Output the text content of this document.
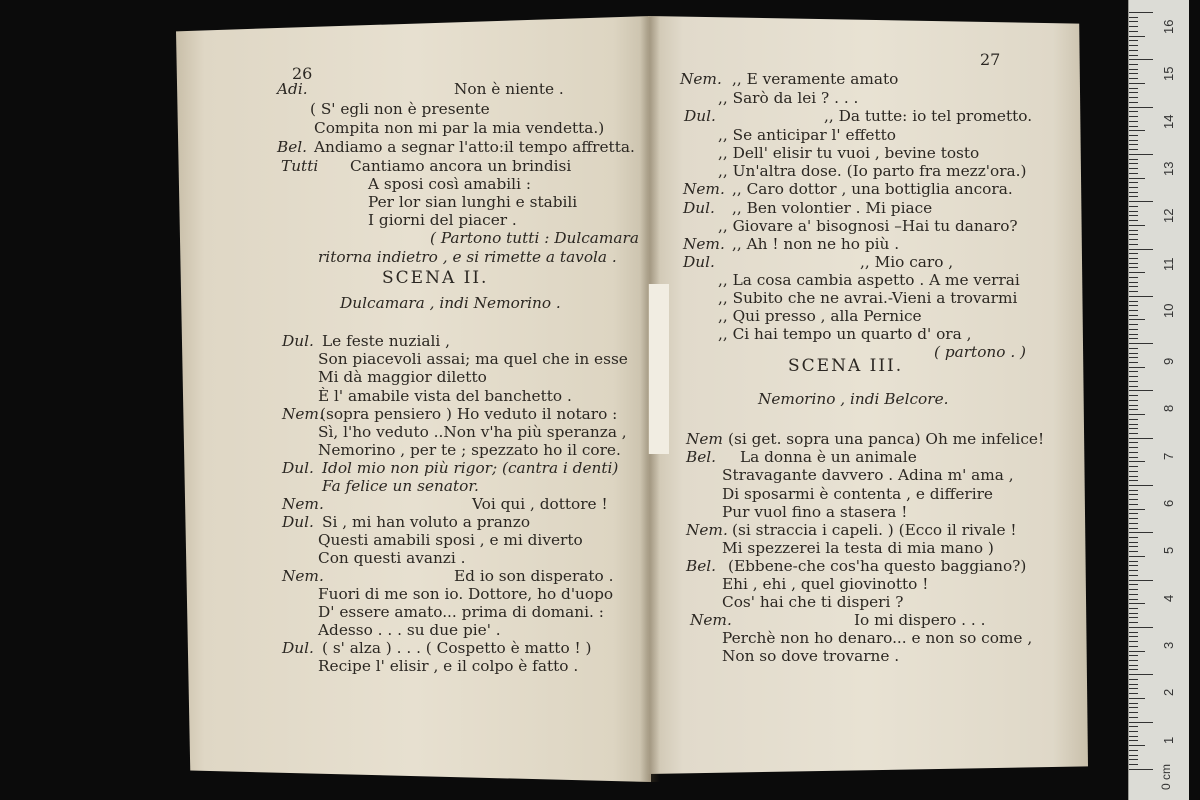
26
Adi.	Non è niente .
( S' egli non è presente
Compita non mi par la mia vendetta.)
Bel. Andiamo a segnar l'atto:il tempo affretta.
Tutti Cantiamo ancora un brindisi
A sposi così amabili :
Per lor sian lunghi e stabili
I giorni del piacer .
( Partono tutti : Dulcamara
ritorna indietro , e si rimette a tavola .
SCENA II.
Dulcamara , indi Nemorino .
Dul. Le feste nuziali ,
Son piacevoli assai; ma quel che in esse
Mi dà maggior diletto
È l' amabile vista del banchetto .
Nem.
(sopra pensiero ) Ho veduto il notaro :
Sì, l'ho veduto ..Non v'ha più speranza ,
Nemorino , per te ; spezzato ho il core.
Dul. Idol mio non più rigor; (cantra i denti)
Fa felice un senator.
Nem.	Voi qui , dottore !
Dul. Si , mi han voluto a pranzo
Questi amabili sposi , e mi diverto
Con questi avanzi .
Nem.	Ed io son disperato .
Fuori di me son io. Dottore, ho d'uopo
D' essere amato... prima di domani. :
Adesso . . . su due pie' .
Dul. ( s' alza ) . . . ( Cospetto è matto ! )
Recipe l' elisir , e il colpo è fatto .
27
Nem. ,, E veramente amato
,, Sarò da lei ? . . .
Dul.	,, Da tutte: io tel prometto.
,, Se anticipar l' effetto
,, Dell' elisir tu vuoi , bevine tosto
,, Un'altra dose. (Io parto fra mezz'ora.)
Nem. ,, Caro dottor , una bottiglia ancora.
Dul. ,, Ben volontier . Mi piace
,, Giovare a' bisognosi –Hai tu danaro?
Nem. ,, Ah ! non ne ho più .
Dul.	,, Mio caro ,
,, La cosa cambia aspetto . A me verrai
,, Subito che ne avrai.-Vieni a trovarmi
,, Qui presso , alla Pernice
,, Ci hai tempo un quarto d' ora ,
( partono . )
SCENA III.
Nemorino , indi Belcore.
Nem (si get. sopra una panca) Oh me infelice!
Bel. La donna è un animale
Stravagante davvero . Adina m' ama ,
Di sposarmi è contenta , e differire
Pur vuol fino a stasera !
Nem. (si straccia i capeli. ) (Ecco il rivale !
Mi spezzerei la testa di mia mano )
Bel. (Ebbene-che cos'ha questo baggiano?)
Ehi , ehi , quel giovinotto !
Cos' hai che ti disperi ?
Nem.	Io mi dispero . . .
Perchè non ho denaro... e non so come ,
Non so dove trovarne .
16
15
14
13
12
11
10
9
8
7
6
5
4
3
2
1
0 cm
